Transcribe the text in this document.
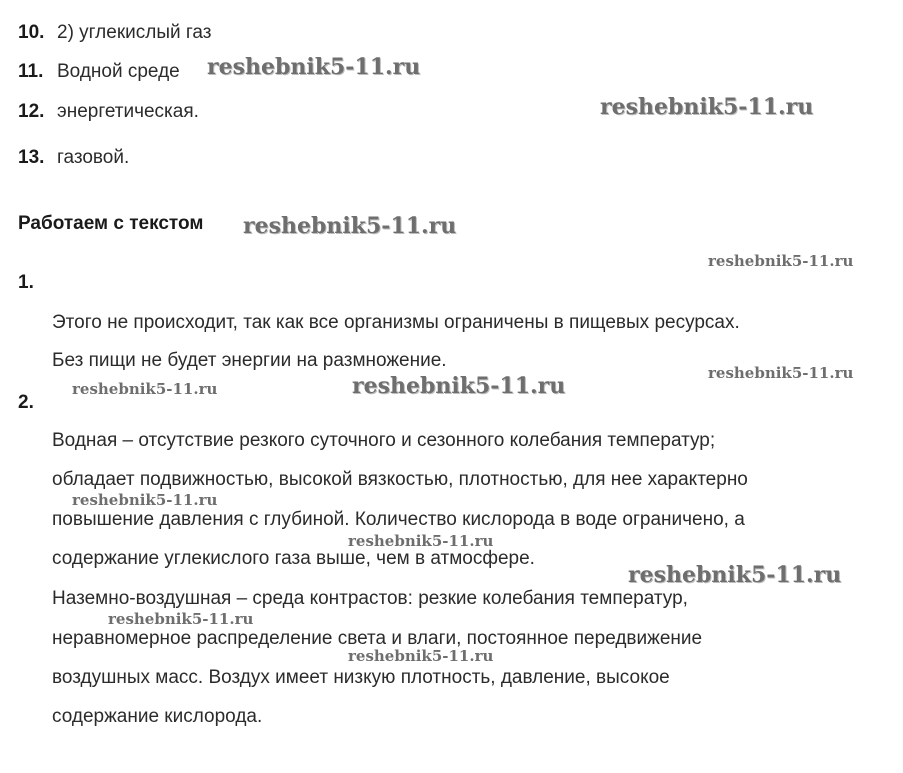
10. 2) углекислый газ
11. Водной среде
12. энергетическая.
13. газовой.
Работаем с текстом
1.
Этого не происходит, так как все организмы ограничены в пищевых ресурсах.
Без пищи не будет энергии на размножение.
2.
Водная – отсутствие резкого суточного и сезонного колебания температур;
обладает подвижностью, высокой вязкостью, плотностью, для нее характерно
повышение давления с глубиной. Количество кислорода в воде ограничено, а
содержание углекислого газа выше, чем в атмосфере.
Наземно-воздушная – среда контрастов: резкие колебания температур,
неравномерное распределение света и влаги, постоянное передвижение
воздушных масс. Воздух имеет низкую плотность, давление, высокое
содержание кислорода.
reshebnik5-11.ru
reshebnik5-11.ru
reshebnik5-11.ru
reshebnik5-11.ru
reshebnik5-11.ru	reshebnik5-11.ru	reshebnik5-11.ru
reshebnik5-11.ru
reshebnik5-11.ru
reshebnik5-11.ru
reshebnik5-11.ru
reshebnik5-11.ru
